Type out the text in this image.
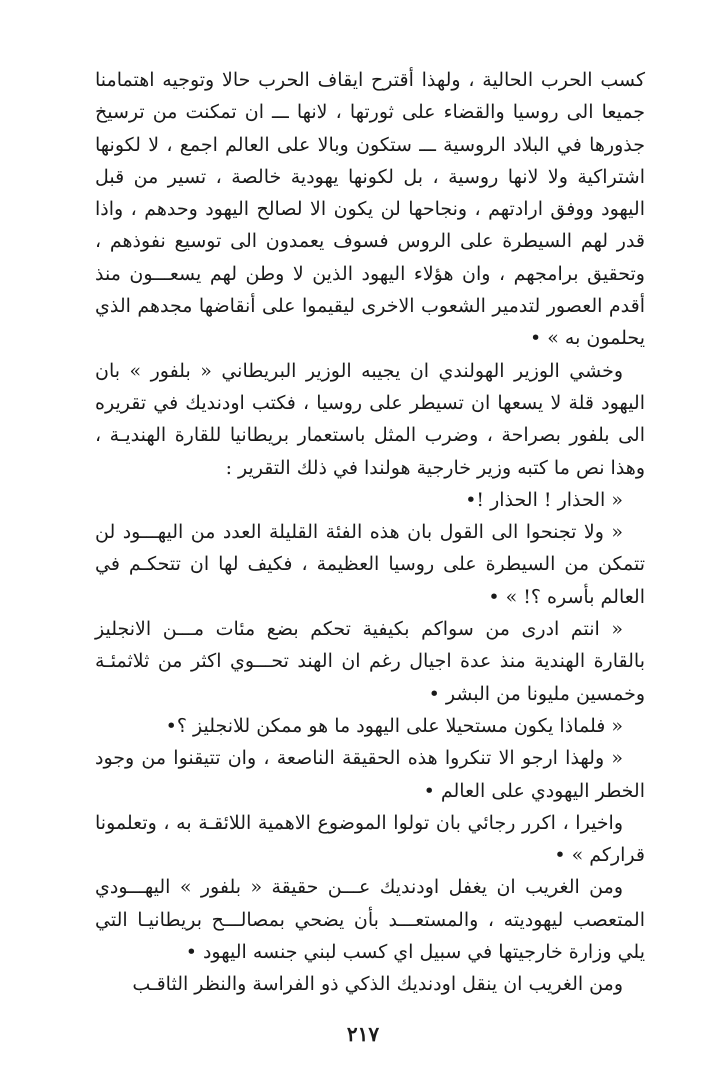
كسب الحرب الحالية ، ولهذا أقترح ايقاف الحرب حالا وتوجيه اهتمامنا جميعا الى روسيا والقضاء على ثورتها ، لانها ـــ ان تمكنت من ترسيخ جذورها في البلاد الروسية ـــ ستكون وبالا على العالم اجمع ، لا لكونها اشتراكية ولا لانها روسية ، بل لكونها يهودية خالصة ، تسير من قبل اليهود ووفق ارادتهم ، ونجاحها لن يكون الا لصالح اليهود وحدهم ، واذا قدر لهم السيطرة على الروس فسوف يعمدون الى توسيع نفوذهم ، وتحقيق برامجهم ، وان هؤلاء اليهود الذين لا وطن لهم يسعـــون منذ أقدم العصور لتدمير الشعوب الاخرى ليقيموا على أنقاضها مجدهم الذي يحلمون به » •

وخشي الوزير الهولندي ان يجيبه الوزير البريطاني « بلفور » بان اليهود قلة لا يسعها ان تسيطر على روسيا ، فكتب اودنديك في تقريره الى بلفور بصراحة ، وضرب المثل باستعمار بريطانيا للقارة الهنديـة ، وهذا نص ما كتبه وزير خارجية هولندا في ذلك التقرير :

« الحذار ! الحذار !•

« ولا تجنحوا الى القول بان هذه الفئة القليلة العدد من اليهـــود لن تتمكن من السيطرة على روسيا العظيمة ، فكيف لها ان تتحكـم في العالم بأسره ؟! » •

« انتم ادرى من سواكم بكيفية تحكم بضع مئات مـــن الانجليز بالقارة الهندية منذ عدة اجيال رغم ان الهند تحـــوي اكثر من ثلاثمئـة وخمسين مليونا من البشر •

« فلماذا يكون مستحيلا على اليهود ما هو ممكن للانجليز ؟•

« ولهذا ارجو الا تنكروا هذه الحقيقة الناصعة ، وان تتيقنوا من وجود الخطر اليهودي على العالم •

واخيرا ، اكرر رجائي بان تولوا الموضوع الاهمية اللائقـة به ، وتعلمونا قراركم » •

ومن الغريب ان يغفل اودنديك عـــن حقيقة « بلفور » اليهـــودي المتعصب ليهوديته ، والمستعـــد بأن يضحي بمصالـــح بريطانيـا التي يلي وزارة خارجيتها في سبيل اي كسب لبني جنسه اليهود •

ومن الغريب ان ينقل اودنديك الذكي ذو الفراسة والنظر الثاقـب

٢١٧
